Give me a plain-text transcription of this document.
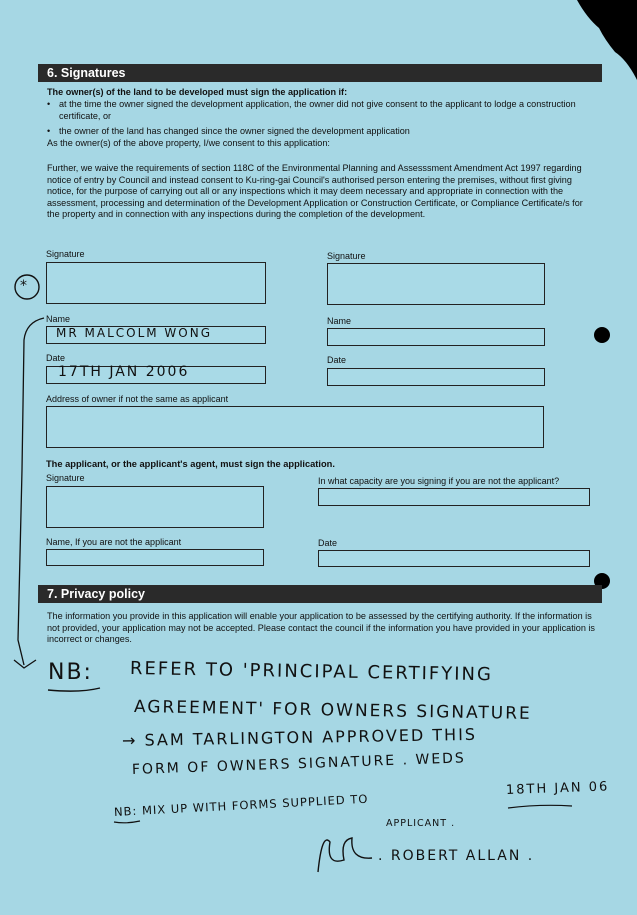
6. Signatures
The owner(s) of the land to be developed must sign the application if:
• at the time the owner signed the development application, the owner did not give consent to the applicant to lodge a construction certificate, or
• the owner of the land has changed since the owner signed the development application
As the owner(s) of the above property, I/we consent to this application:
Further, we waive the requirements of section 118C of the Environmental Planning and Assesssment Amendment Act 1997 regarding notice of entry by Council and instead consent to Ku-ring-gai Council's authorised person entering the premises, without first giving notice, for the purpose of carrying out all or any inspections which it may deem necessary and appropriate in connection with the assessment, processing and determination of the Development Application or Construction Certificate, or Compliance Certificate/s for the property and in connection with any inspections during the completion of the development.
Signature
Name
MR MALCOLM WONG
Date
17TH JAN 2006
Signature
Name
Date
Address of owner if not the same as applicant
The applicant, or the applicant's agent, must sign the application.
Signature	In what capacity are you signing if you are not the applicant?
Name, If you are not the applicant	Date
7. Privacy policy
The information you provide in this application will enable your application to be assessed by the certifying authority. If the information is not provided, your application may not be accepted. Please contact the council if the information you have provided in your application is incorrect or changes.
*
NB: REFER TO 'PRINCIPAL CERTIFYING
AGREEMENT' FOR OWNERS SIGNATURE
→ SAM TARLINGTON APPROVED THIS
FORM OF OWNERS SIGNATURE . WEDS
18TH JAN 06
NB: MIX UP WITH FORMS SUPPLIED TO
APPLICANT .
. ROBERT ALLAN .
